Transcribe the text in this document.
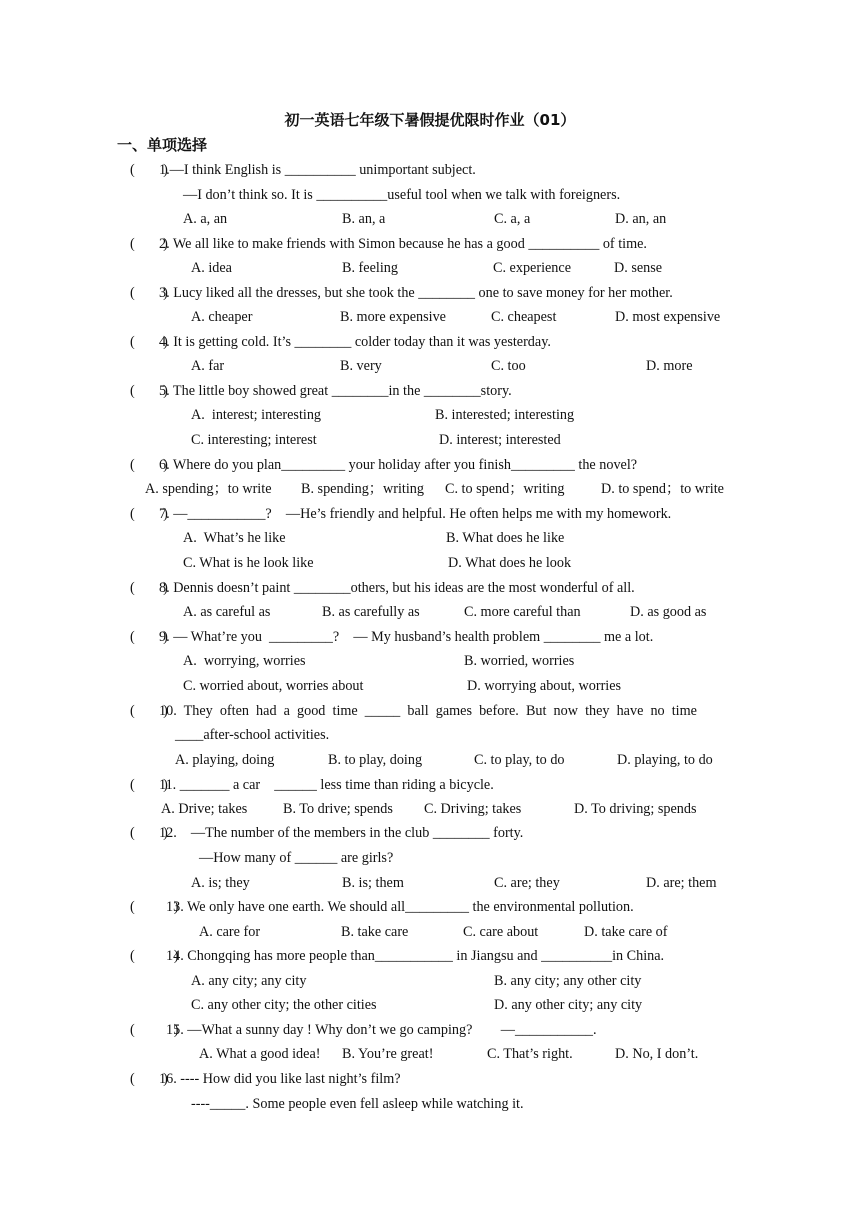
初一英语七年级下暑假提优限时作业（01）
一、单项选择
(        )
1.—I think English is __________ unimportant subject.
—I don’t think so. It is __________useful tool when we talk with foreigners.
A. a, an	B. an, a	C. a, a	D. an, an
(        )
2. We all like to make friends with Simon because he has a good __________ of time.
A. idea	B. feeling	C. experience	D. sense
(        )
3. Lucy liked all the dresses, but she took the ________ one to save money for her mother.
A. cheaper	B. more expensive	C. cheapest	D. most expensive
(        )
4. It is getting cold. It’s ________ colder today than it was yesterday.
A. far	B. very	C. too	D. more
(        )
5. The little boy showed great ________in the ________story.
A.  interest; interesting	B. interested; interesting
C. interesting; interest	D. interest; interested
(        )
6. Where do you plan_________ your holiday after you finish_________ the novel?
A. spending；to write B. spending；writing C. to spend；writing	D. to spend；to write
(        )
7. —___________?    —He’s friendly and helpful. He often helps me with my homework.
A.  What’s he like	B. What does he like
C. What is he look like	D. What does he look
(        )
8. Dennis doesn’t paint ________others, but his ideas are the most wonderful of all.
A. as careful as	B. as carefully as	C. more careful than	D. as good as
(        )
9. — What’re you  _________?    — My husband’s health problem ________ me a lot.
A.  worrying, worries	B. worried, worries
C. worried about, worries about	D. worrying about, worries
(        )
10.  They  often  had  a  good  time  _____  ball  games  before.  But  now  they  have  no  time
____after-school activities.
A. playing, doing	B. to play, doing	C. to play, to do	D. playing, to do
(        )
11. _______ a car    ______ less time than riding a bicycle.
A. Drive; takes	B. To drive; spends C. Driving; takes	D. To driving; spends
(        )
12.    —The number of the members in the club ________ forty.
—How many of ______ are girls?
A. is; they	B. is; them	C. are; they	D. are; them
(           )
13. We only have one earth. We should all_________ the environmental pollution.
A. care for	B. take care	C. care about	D. take care of
(           )
14. Chongqing has more people than___________ in Jiangsu and __________in China.
A. any city; any city	B. any city; any other city
C. any other city; the other cities	D. any other city; any city
(           )
15. —What a sunny day ! Why don’t we go camping?        —___________.
A. What a good idea! B. You’re great!	C. That’s right.	D. No, I don’t.
(        )
16. ---- How did you like last night’s film?
----_____. Some people even fell asleep while watching it.
